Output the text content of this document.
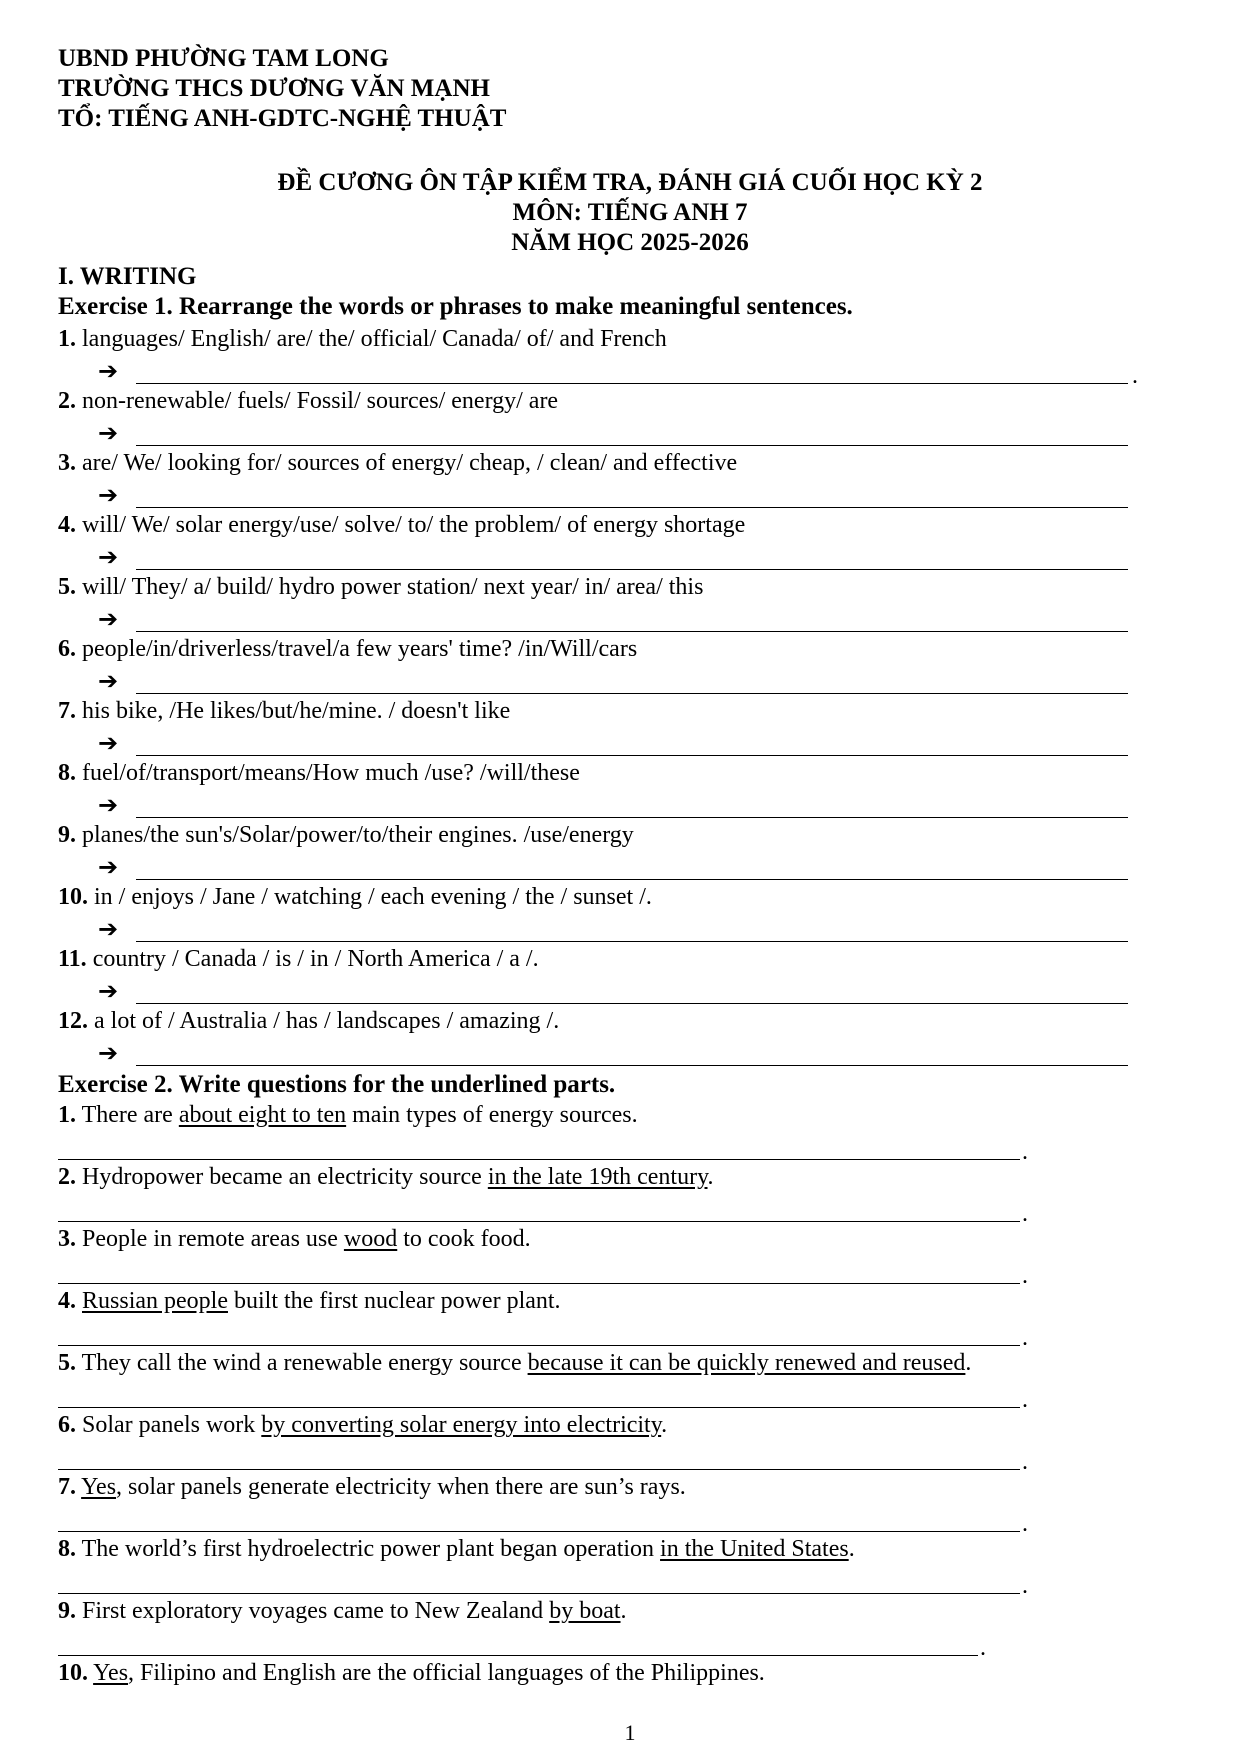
UBND PHƯỜNG TAM LONG
TRƯỜNG THCS DƯƠNG VĂN MẠNH
TỔ: TIẾNG ANH-GDTC-NGHỆ THUẬT
ĐỀ CƯƠNG ÔN TẬP KIỂM TRA, ĐÁNH GIÁ CUỐI HỌC KỲ 2
MÔN: TIẾNG ANH 7
NĂM HỌC 2025-2026
I. WRITING
Exercise 1. Rearrange the words or phrases to make meaningful sentences.
1. languages/ English/ are/ the/ official/ Canada/ of/ and French
➔	.
2. non-renewable/ fuels/ Fossil/ sources/ energy/ are
➔
3. are/ We/ looking for/ sources of energy/ cheap, / clean/ and effective
➔
4. will/ We/ solar energy/use/ solve/ to/ the problem/ of energy shortage
➔
5. will/ They/ a/ build/ hydro power station/ next year/ in/ area/ this
➔
6. people/in/driverless/travel/a few years' time? /in/Will/cars
➔
7. his bike, /He likes/but/he/mine. / doesn't like
➔
8. fuel/of/transport/means/How much /use? /will/these
➔
9. planes/the sun's/Solar/power/to/their engines. /use/energy
➔
10. in / enjoys / Jane / watching / each evening / the / sunset /.
➔
11. country / Canada / is / in / North America / a /.
➔
12. a lot of / Australia / has / landscapes / amazing /.
➔
Exercise 2. Write questions for the underlined parts.
1. There are about eight to ten main types of energy sources.
.
2. Hydropower became an electricity source in the late 19th century.
.
3. People in remote areas use wood to cook food.
.
4. Russian people built the first nuclear power plant.
.
5. They call the wind a renewable energy source because it can be quickly renewed and reused.
.
6. Solar panels work by converting solar energy into electricity.
.
7. Yes, solar panels generate electricity when there are sun’s rays.
.
8. The world’s first hydroelectric power plant began operation in the United States.
.
9. First exploratory voyages came to New Zealand by boat.
.
10. Yes, Filipino and English are the official languages of the Philippines.
1
